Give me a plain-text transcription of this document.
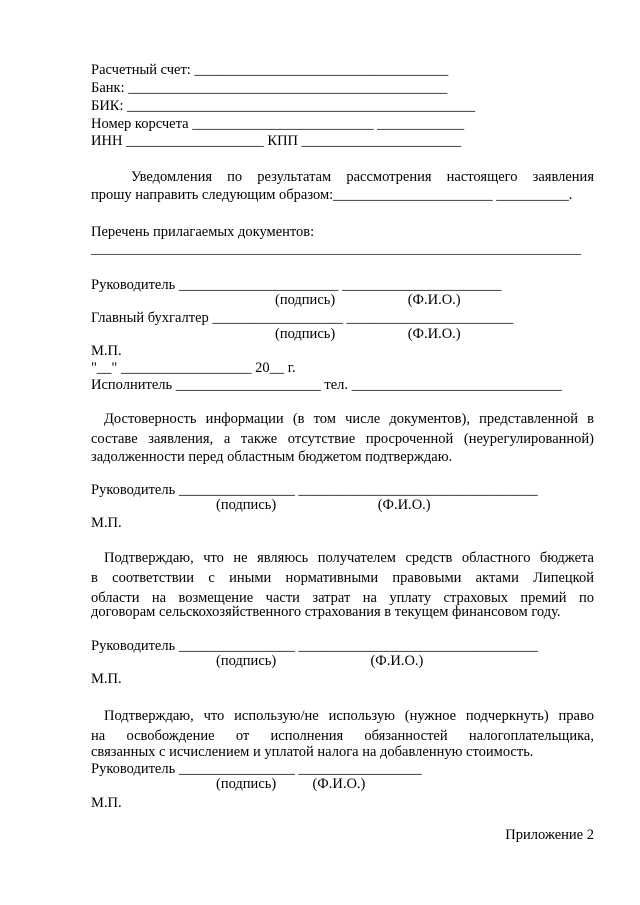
Расчетный счет: ___________________________________
Банк: ____________________________________________
БИК: ________________________________________________
Номер корсчета _________________________ ____________
ИНН ___________________ КПП ______________________
Уведомления по результатам рассмотрения настоящего заявления
прошу направить следующим образом:______________________ __________.
Перечень прилагаемых документов:
______________________________________________________________________
Руководитель ______________________ ______________________
(подпись)                    (Ф.И.О.)
Главный бухгалтер __________________ _______________________
(подпись)                    (Ф.И.О.)
М.П.
"__" __________________ 20__ г.
Исполнитель ____________________ тел. _____________________________
Достоверность информации (в том числе документов), представленной в
составе заявления, а также отсутствие просроченной (неурегулированной)
задолженности перед областным бюджетом подтверждаю.
Руководитель ________________ _________________________________
(подпись)                            (Ф.И.О.)
М.П.
Подтверждаю, что не являюсь получателем средств областного бюджета
в соответствии с иными нормативными правовыми актами Липецкой
области на возмещение части затрат на уплату страховых премий по
договорам сельскохозяйственного страхования в текущем финансовом году.
Руководитель ________________ _________________________________
(подпись)                          (Ф.И.О.)
М.П.
Подтверждаю, что использую/не использую (нужное подчеркнуть) право
на освобождение от исполнения обязанностей налогоплательщика,
связанных с исчислением и уплатой налога на добавленную стоимость.
Руководитель ________________ _________________
(подпись)          (Ф.И.О.)
М.П.
Приложение 2
